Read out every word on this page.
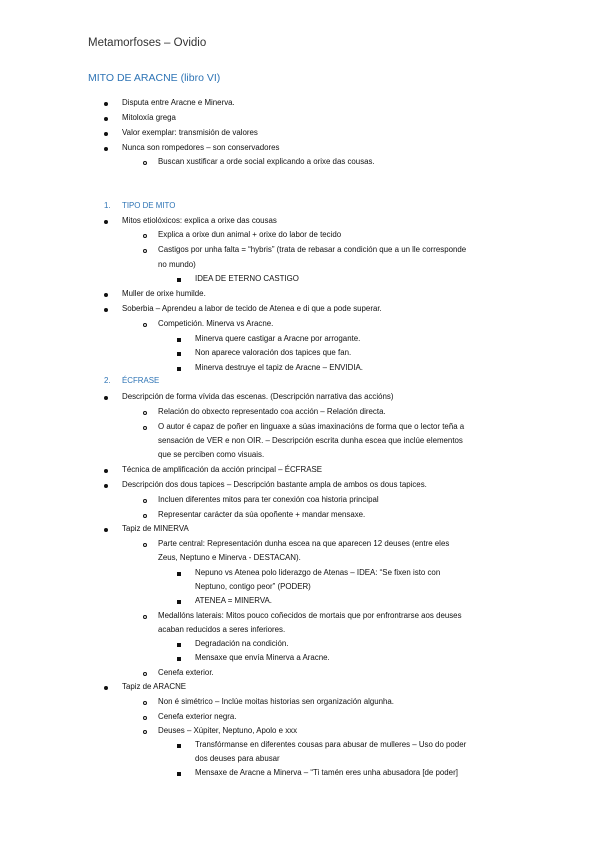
Metamorfoses – Ovidio
MITO DE ARACNE (libro VI)
Disputa entre Aracne e Minerva.
Mitoloxía grega
Valor exemplar: transmisión de valores
Nunca son rompedores – son conservadores
Buscan xustificar a orde social explicando a orixe das cousas.
1. TIPO DE MITO
Mitos etiolóxicos: explica a orixe das cousas
Explica a orixe dun animal + orixe do labor de tecido
Castigos por unha falta = “hybris” (trata de rebasar a condición que a un lle corresponde
no mundo)
IDEA DE ETERNO CASTIGO
Muller de orixe humilde.
Soberbia – Aprendeu a labor de tecido de Atenea e di que a pode superar.
Competición. Minerva vs Aracne.
Minerva quere castigar a Aracne por arrogante.
Non aparece valoración dos tapices que fan.
Minerva destruye el tapiz de Aracne – ENVIDIA.
2. ÉCFRASE
Descripción de forma vívida das escenas. (Descripción narrativa das accións)
Relación do obxecto representado coa acción – Relación directa.
O autor é capaz de poñer en linguaxe a súas imaxinacións de forma que o lector teña a
sensación de VER e non OIR. – Descripción escrita dunha escea que inclúe elementos
que se perciben como visuais.
Técnica de amplificación da acción principal – ÉCFRASE
Descripción dos dous tapices – Descripción bastante ampla de ambos os dous tapices.
Incluen diferentes mitos para ter conexión coa historia principal
Representar carácter da súa opoñente + mandar mensaxe.
Tapiz de MINERVA
Parte central: Representación dunha escea na que aparecen 12 deuses (entre eles
Zeus, Neptuno e Minerva - DESTACAN).
Nepuno vs Atenea polo liderazgo de Atenas – IDEA: “Se fixen isto con
Neptuno, contigo peor” (PODER)
ATENEA = MINERVA.
Medallóns laterais: Mitos pouco coñecidos de mortais que por enfrontrarse aos deuses
acaban reducidos a seres inferiores.
Degradación na condición.
Mensaxe que envía Minerva a Aracne.
Cenefa exterior.
Tapiz de ARACNE
Non é simétrico – Inclúe moitas historias sen organización algunha.
Cenefa exterior negra.
Deuses – Xúpiter, Neptuno, Apolo e xxx
Transfórmanse en diferentes cousas para abusar de mulleres – Uso do poder
dos deuses para abusar
Mensaxe de Aracne a Minerva – “Ti tamén eres unha abusadora [de poder]
